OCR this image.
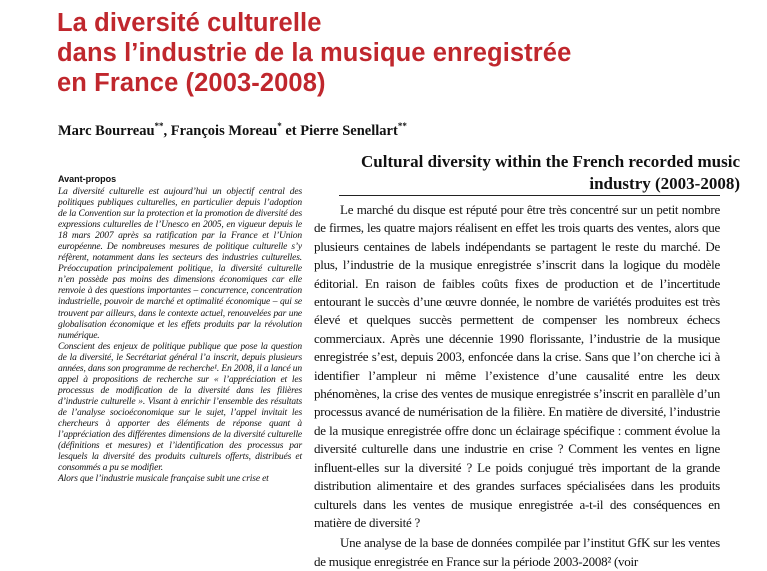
La diversité culturelle
dans l’industrie de la musique enregistrée
en France (2003-2008)

Marc Bourreau**, François Moreau* et Pierre Senellart**

Cultural diversity within the French recorded music
industry (2003-2008)

Avant-propos

La diversité culturelle est aujourd’hui un objectif central des politiques publiques culturelles, en particulier depuis l’adoption de la Convention sur la protection et la promotion de diversité des expressions culturelles de l’Unesco en 2005, en vigueur depuis le 18 mars 2007 après sa ratification par la France et l’Union européenne. De nombreuses mesures de politique culturelle s’y réfèrent, notamment dans les secteurs des industries culturelles. Préoccupation principalement politique, la diversité culturelle n’en possède pas moins des dimensions économiques car elle renvoie à des questions importantes – concurrence, concentration industrielle, pouvoir de marché et optimalité économique – qui se trouvent par ailleurs, dans le contexte actuel, renouvelées par une globalisation économique et les effets produits par la révolution numérique.

Conscient des enjeux de politique publique que pose la question de la diversité, le Secrétariat général l’a inscrit, depuis plusieurs années, dans son programme de recherche¹. En 2008, il a lancé un appel à propositions de recherche sur « l’appréciation et les processus de modification de la diversité dans les filières d’industrie culturelle ». Visant à enrichir l’ensemble des résultats de l’analyse socioéconomique sur le sujet, l’appel invitait les chercheurs à apporter des éléments de réponse quant à l’appréciation des différentes dimensions de la diversité culturelle (définitions et mesures) et l’identification des processus par lesquels la diversité des produits culturels offerts, distribués et consommés a pu se modifier.

Alors que l’industrie musicale française subit une crise et

Le marché du disque est réputé pour être très concentré sur un petit nombre de firmes, les quatre majors réalisent en effet les trois quarts des ventes, alors que plusieurs centaines de labels indépendants se partagent le reste du marché. De plus, l’industrie de la musique enregistrée s’inscrit dans la logique du modèle éditorial. En raison de faibles coûts fixes de production et de l’incertitude entourant le succès d’une œuvre donnée, le nombre de variétés produites est très élevé et quelques succès permettent de compenser les nombreux échecs commerciaux. Après une décennie 1990 florissante, l’industrie de la musique enregistrée s’est, depuis 2003, enfoncée dans la crise. Sans que l’on cherche ici à identifier l’ampleur ni même l’existence d’une causalité entre les deux phénomènes, la crise des ventes de musique enregistrée s’inscrit en parallèle d’un processus avancé de numérisation de la filière. En matière de diversité, l’industrie de la musique enregistrée offre donc un éclairage spécifique : comment évolue la diversité culturelle dans une industrie en crise ? Comment les ventes en ligne influent-elles sur la diversité ? Le poids conjugué très important de la grande distribution alimentaire et des grandes surfaces spécialisées dans les produits culturels dans les ventes de musique enregistrée a-t-il des conséquences en matière de diversité ?

Une analyse de la base de données compilée par l’institut GfK sur les ventes de musique enregistrée en France sur la période 2003-2008² (voir
